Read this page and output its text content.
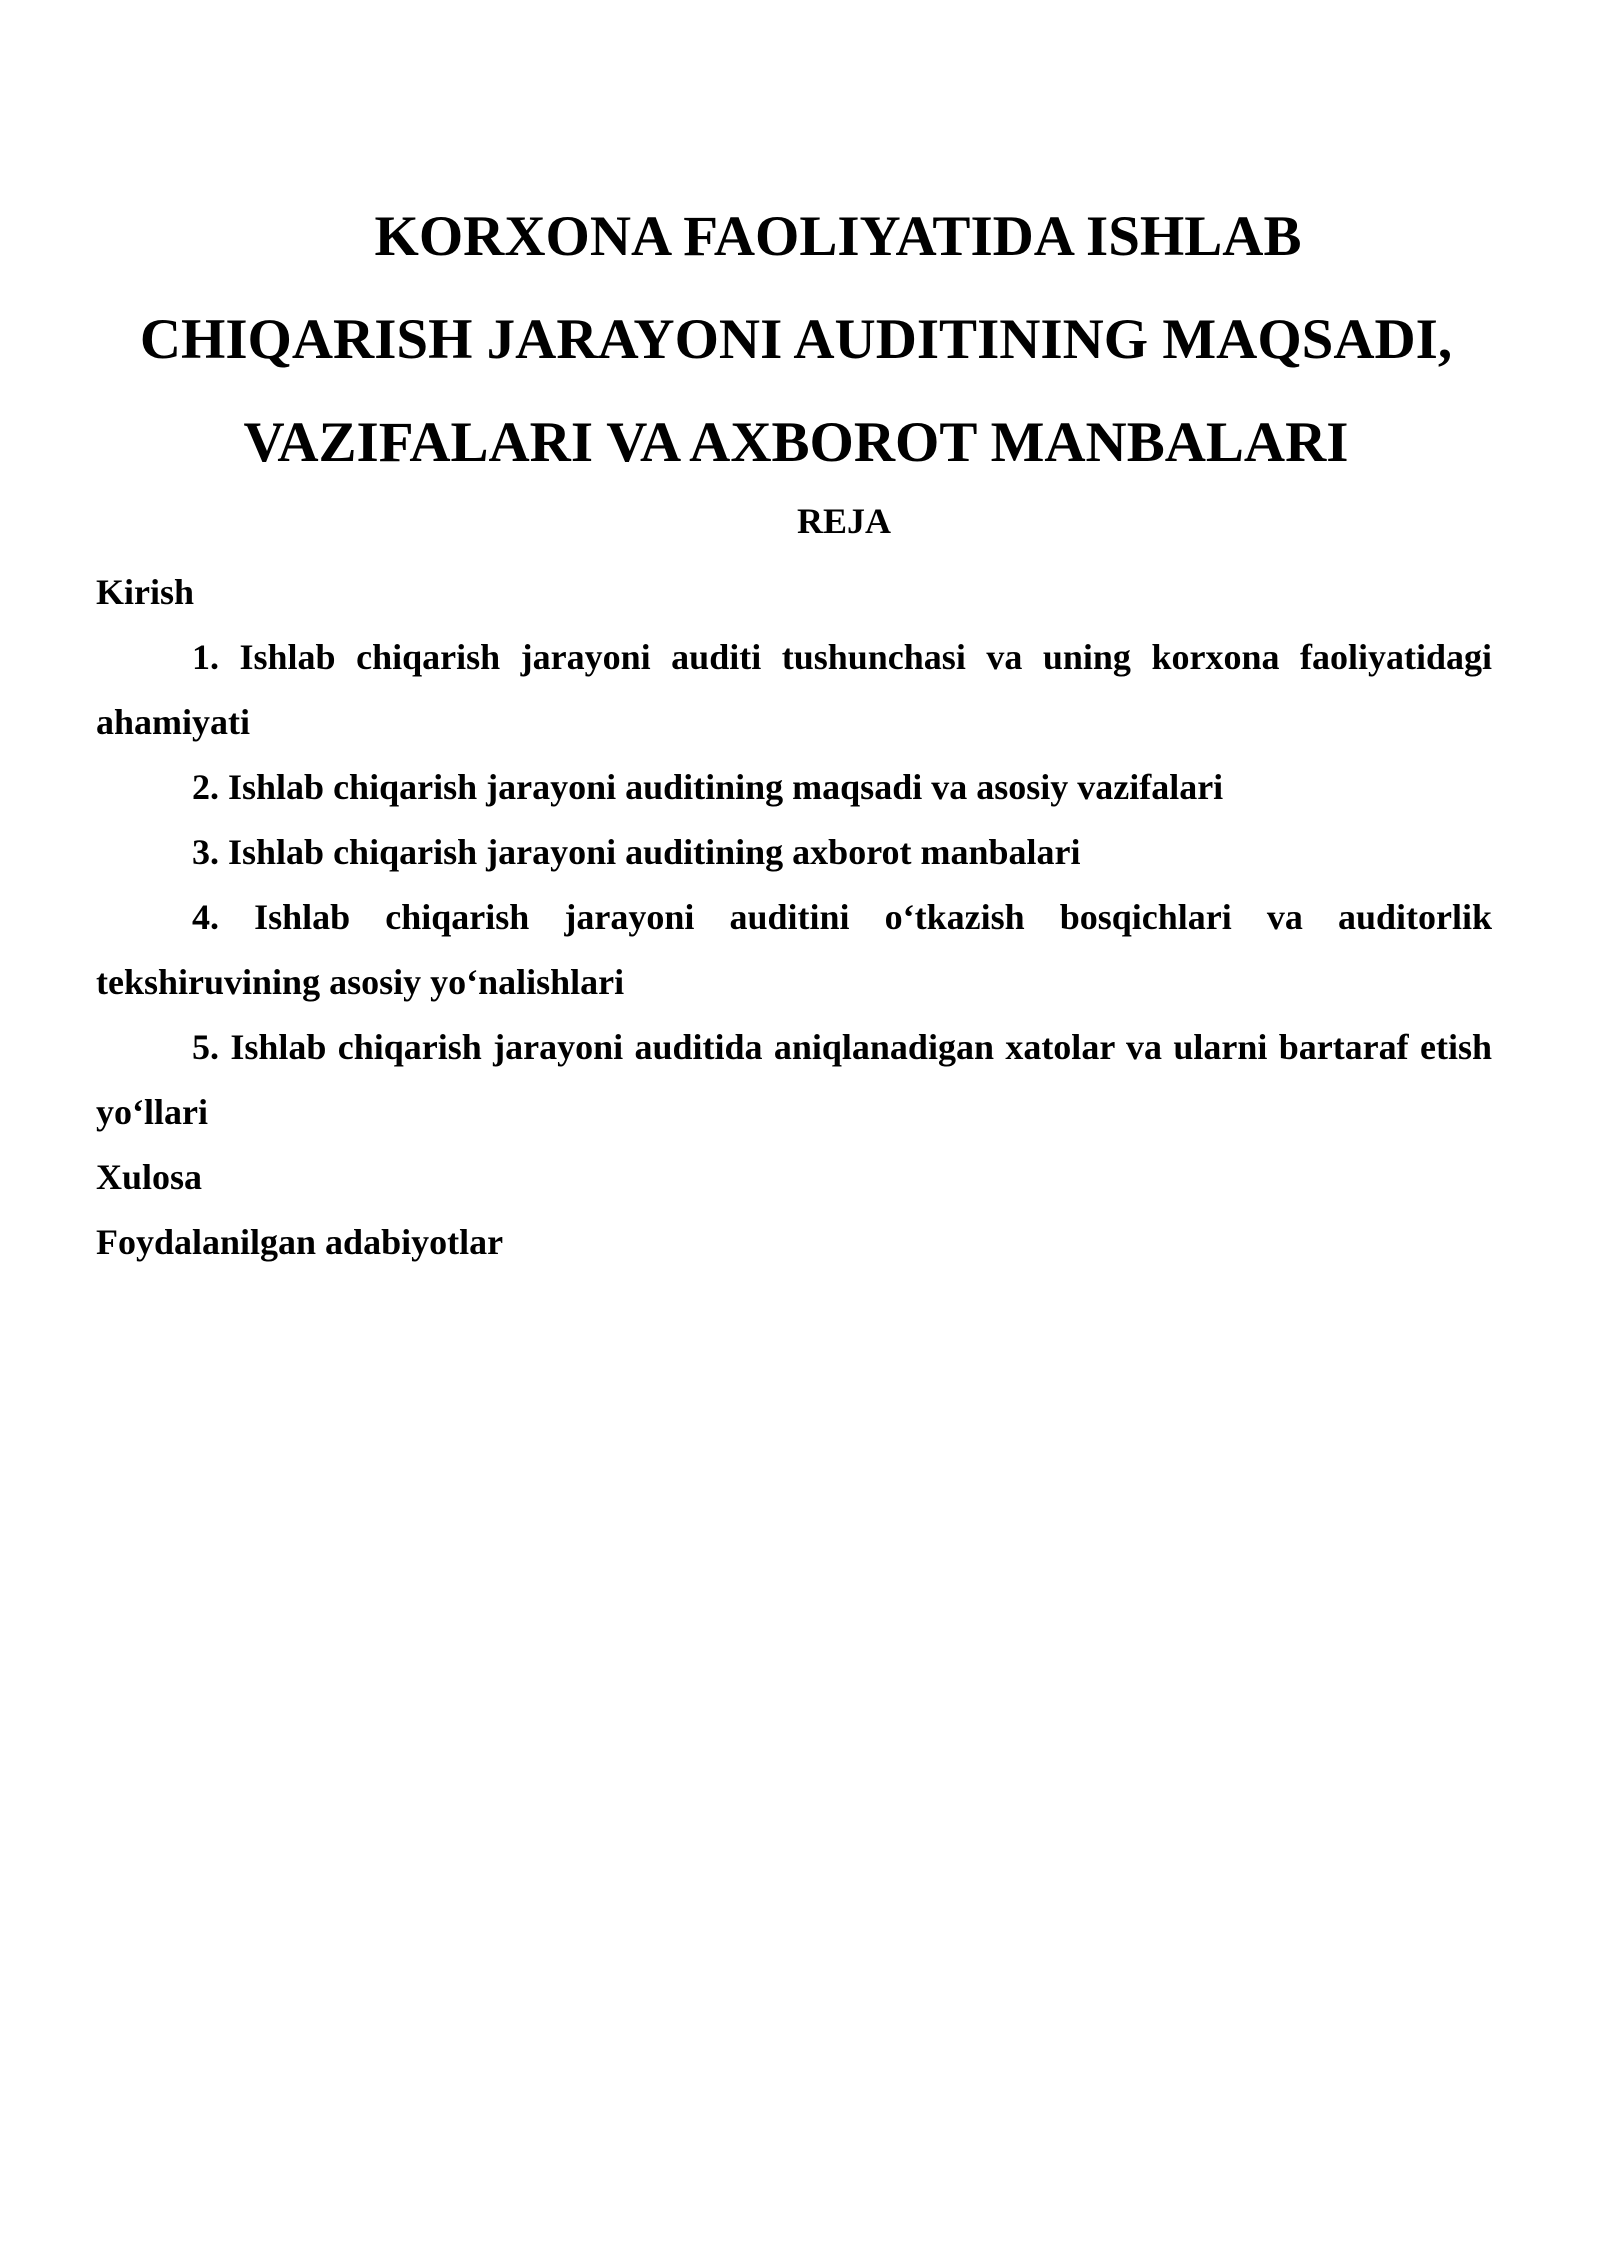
KORXONA FAOLIYATIDA ISHLAB
CHIQARISH JARAYONI AUDITINING MAQSADI,
VAZIFALARI VA AXBOROT MANBALARI
REJA
Kirish
1. Ishlab chiqarish jarayoni auditi tushunchasi va uning korxona faoliyatidagi ahamiyati
2. Ishlab chiqarish jarayoni auditining maqsadi va asosiy vazifalari
3. Ishlab chiqarish jarayoni auditining axborot manbalari
4. Ishlab chiqarish jarayoni auditini o‘tkazish bosqichlari va auditorlik tekshiruvining asosiy yo‘nalishlari
5. Ishlab chiqarish jarayoni auditida aniqlanadigan xatolar va ularni bartaraf etish yo‘llari
Xulosa
Foydalanilgan adabiyotlar
